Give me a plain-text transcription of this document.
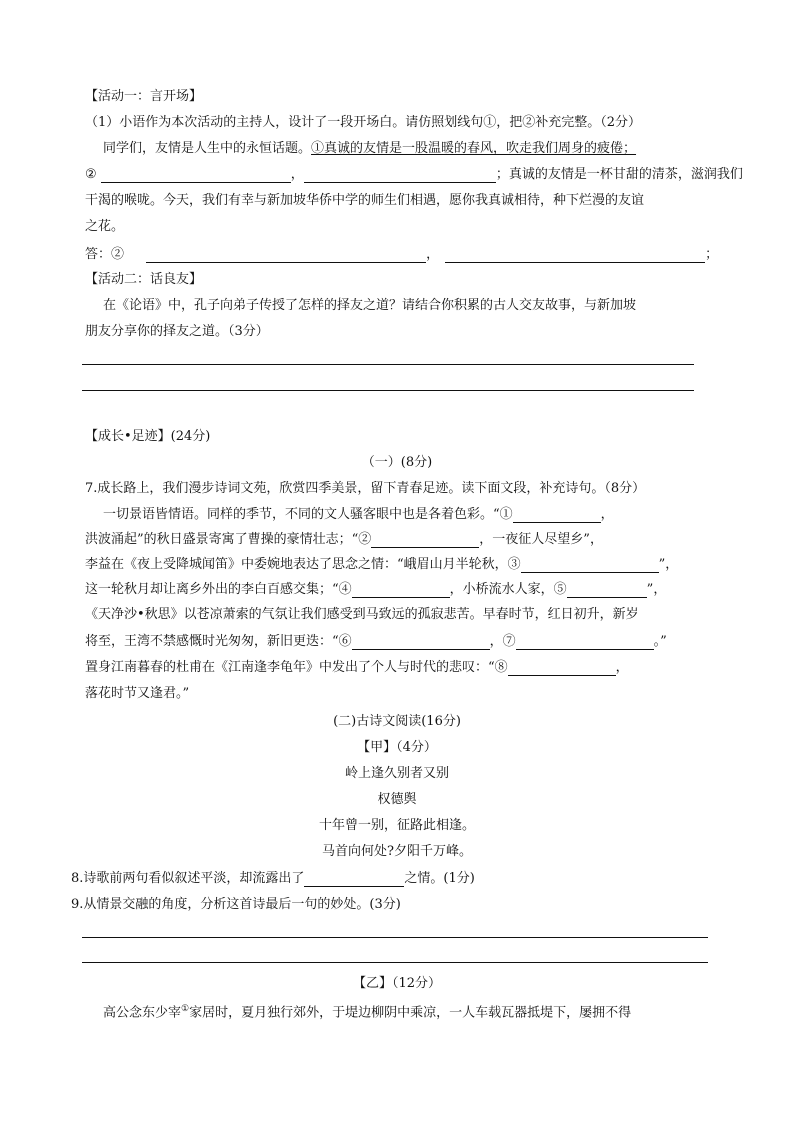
【活动一：言开场】
（1）小语作为本次活动的主持人，设计了一段开场白。请仿照划线句①，把②补充完整。（2分）
同学们，友情是人生中的永恒话题。①真诚的友情是一股温暖的春风，吹走我们周身的疲倦；
②	，	；真诚的友情是一杯甘甜的清茶，滋润我们
干渴的喉咙。今天，我们有幸与新加坡华侨中学的师生们相遇，愿你我真诚相待，种下烂漫的友谊
之花。
答：②	，	；
【活动二：话良友】
在《论语》中，孔子向弟子传授了怎样的择友之道？请结合你积累的古人交友故事，与新加坡
朋友分享你的择友之道。（3分）
【成长•足迹】(24分)
（一）(8分)
7.成长路上，我们漫步诗词文苑，欣赏四季美景，留下青春足迹。读下面文段，补充诗句。（8分）
一切景语皆情语。同样的季节，不同的文人骚客眼中也是各着色彩。“①	，
洪波涌起”的秋日盛景寄寓了曹操的豪情壮志；“②	，一夜征人尽望乡”，
李益在《夜上受降城闻笛》中委婉地表达了思念之情：“峨眉山月半轮秋，③	”，
这一轮秋月却让离乡外出的李白百感交集；“④	，小桥流水人家，⑤	”，
《天净沙•秋思》以苍凉萧索的气氛让我们感受到马致远的孤寂悲苦。早春时节，红日初升，新岁
将至，王湾不禁感慨时光匆匆，新旧更迭：“⑥	，⑦	。”
置身江南暮春的杜甫在《江南逢李龟年》中发出了个人与时代的悲叹：“⑧	，
落花时节又逢君。”
(二)古诗文阅读(16分)
【甲】（4分）
岭上逢久别者又别
权德舆
十年曾一别，征路此相逢。
马首向何处?夕阳千万峰。
8.诗歌前两句看似叙述平淡，却流露出了	之情。(1分)
9.从情景交融的角度，分析这首诗最后一句的妙处。(3分)
【乙】（12分）
高公念东少宰①家居时，夏月独行郊外，于堤边柳阴中乘凉，一人车载瓦器抵堤下，屡拥不得
